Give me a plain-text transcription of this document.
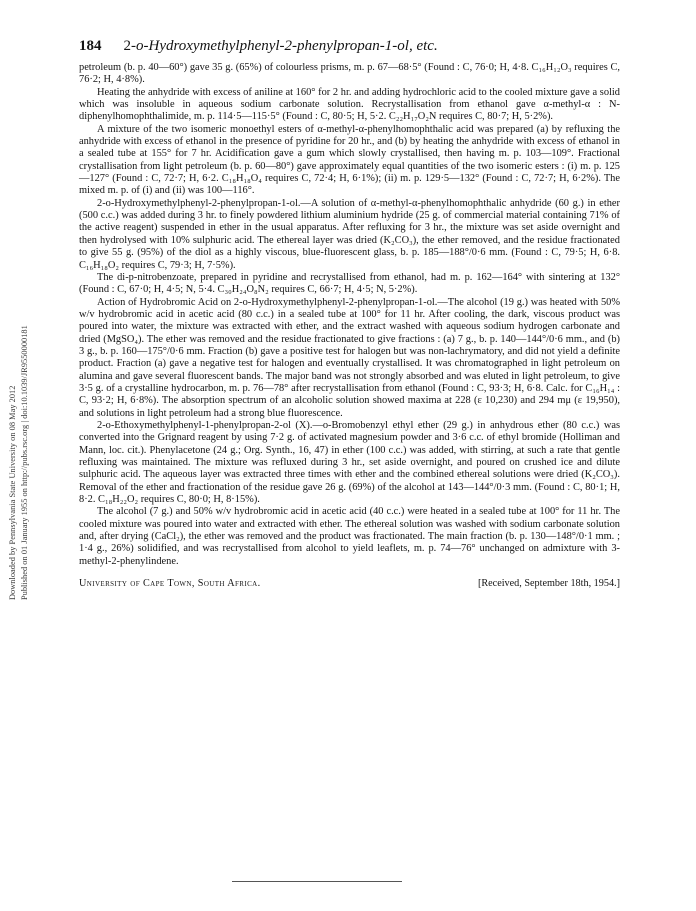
Downloaded by Pennsylvania State University on 08 May 2012 Published on 01 January 1955 on http://pubs.rsc.org | doi:10.1039/JR9550000181
184 2-o-Hydroxymethylphenyl-2-phenylpropan-1-ol, etc.

petroleum (b. p. 40—60°) gave 35 g. (65%) of colourless prisms, m. p. 67—68·5° (Found : C, 76·0; H, 4·8. C₁₆H₁₂O₃ requires C, 76·2; H, 4·8%).

Heating the anhydride with excess of aniline at 160° for 2 hr. and adding hydrochloric acid to the cooled mixture gave a solid which was insoluble in aqueous sodium carbonate solution. Recrystallisation from ethanol gave α-methyl-α : N-diphenylhomophthalimide, m. p. 114·5—115·5° (Found : C, 80·5; H, 5·2. C₂₂H₁₇O₂N requires C, 80·7; H, 5·2%).

A mixture of the two isomeric monoethyl esters of α-methyl-α-phenylhomophthalic acid was prepared (a) by refluxing the anhydride with excess of ethanol in the presence of pyridine for 20 hr., and (b) by heating the anhydride with excess of ethanol in a sealed tube at 155° for 7 hr. Acidification gave a gum which slowly crystallised, then having m. p. 103—109°. Fractional crystallisation from light petroleum (b. p. 60—80°) gave approximately equal quantities of the two isomeric esters : (i) m. p. 125—127° (Found : C, 72·7; H, 6·2. C₁₈H₁₈O₄ requires C, 72·4; H, 6·1%); (ii) m. p. 129·5—132° (Found : C, 72·7; H, 6·2%). The mixed m. p. of (i) and (ii) was 100—116°.

2-o-Hydroxymethylphenyl-2-phenylpropan-1-ol.—A solution of α-methyl-α-phenylhomophthalic anhydride (60 g.) in ether (500 c.c.) was added during 3 hr. to finely powdered lithium aluminium hydride (25 g. of commercial material containing 71% of the active reagent) suspended in ether in the usual apparatus. After refluxing for 3 hr., the mixture was set aside overnight and then hydrolysed with 10% sulphuric acid. The ethereal layer was dried (K₂CO₃), the ether removed, and the residue fractionated to give 55 g. (95%) of the diol as a highly viscous, blue-fluorescent glass, b. p. 185—188°/0·6 mm. (Found : C, 79·5; H, 6·8. C₁₆H₁₈O₂ requires C, 79·3; H, 7·5%).

The di-p-nitrobenzoate, prepared in pyridine and recrystallised from ethanol, had m. p. 162—164° with sintering at 132° (Found : C, 67·0; H, 4·5; N, 5·4. C₃₀H₂₄O₈N₂ requires C, 66·7; H, 4·5; N, 5·2%).

Action of Hydrobromic Acid on 2-o-Hydroxymethylphenyl-2-phenylpropan-1-ol.—The alcohol (19 g.) was heated with 50% w/v hydrobromic acid in acetic acid (80 c.c.) in a sealed tube at 100° for 11 hr. After cooling, the dark, viscous product was poured into water, the mixture was extracted with ether, and the extract washed with aqueous sodium hydrogen carbonate and dried (MgSO₄). The ether was removed and the residue fractionated to give fractions : (a) 7 g., b. p. 140—144°/0·6 mm., and (b) 3 g., b. p. 160—175°/0·6 mm. Fraction (b) gave a positive test for halogen but was non-lachrymatory, and did not yield a definite product. Fraction (a) gave a negative test for halogen and eventually crystallised. It was chromatographed in light petroleum on alumina and gave several fluorescent bands. The major band was not strongly absorbed and was eluted in light petroleum, to give 3·5 g. of a crystalline hydrocarbon, m. p. 76—78° after recrystallisation from ethanol (Found : C, 93·3; H, 6·8. Calc. for C₁₆H₁₄ : C, 93·2; H, 6·8%). The absorption spectrum of an alcoholic solution showed maxima at 228 (ε 10,230) and 294 mμ (ε 19,950), and solutions in light petroleum had a strong blue fluorescence.

2-o-Ethoxymethylphenyl-1-phenylpropan-2-ol (X).—o-Bromobenzyl ethyl ether (29 g.) in anhydrous ether (80 c.c.) was converted into the Grignard reagent by using 7·2 g. of activated magnesium powder and 3·6 c.c. of ethyl bromide (Holliman and Mann, loc. cit.). Phenylacetone (24 g.; Org. Synth., 16, 47) in ether (100 c.c.) was added, with stirring, at such a rate that gentle refluxing was maintained. The mixture was refluxed during 3 hr., set aside overnight, and poured on crushed ice and dilute sulphuric acid. The aqueous layer was extracted three times with ether and the combined ethereal solutions were dried (K₂CO₃). Removal of the ether and fractionation of the residue gave 26 g. (69%) of the alcohol at 143—144°/0·3 mm. (Found : C, 80·1; H, 8·2. C₁₈H₂₂O₂ requires C, 80·0; H, 8·15%).

The alcohol (7 g.) and 50% w/v hydrobromic acid in acetic acid (40 c.c.) were heated in a sealed tube at 100° for 11 hr. The cooled mixture was poured into water and extracted with ether. The ethereal solution was washed with sodium carbonate solution and, after drying (CaCl₂), the ether was removed and the product was fractionated. The main fraction (b. p. 130—148°/0·1 mm. ; 1·4 g., 26%) solidified, and was recrystallised from alcohol to yield leaflets, m. p. 74—76° unchanged on admixture with 3-methyl-2-phenylindene.

University of Cape Town, South Africa.	[Received, September 18th, 1954.]
